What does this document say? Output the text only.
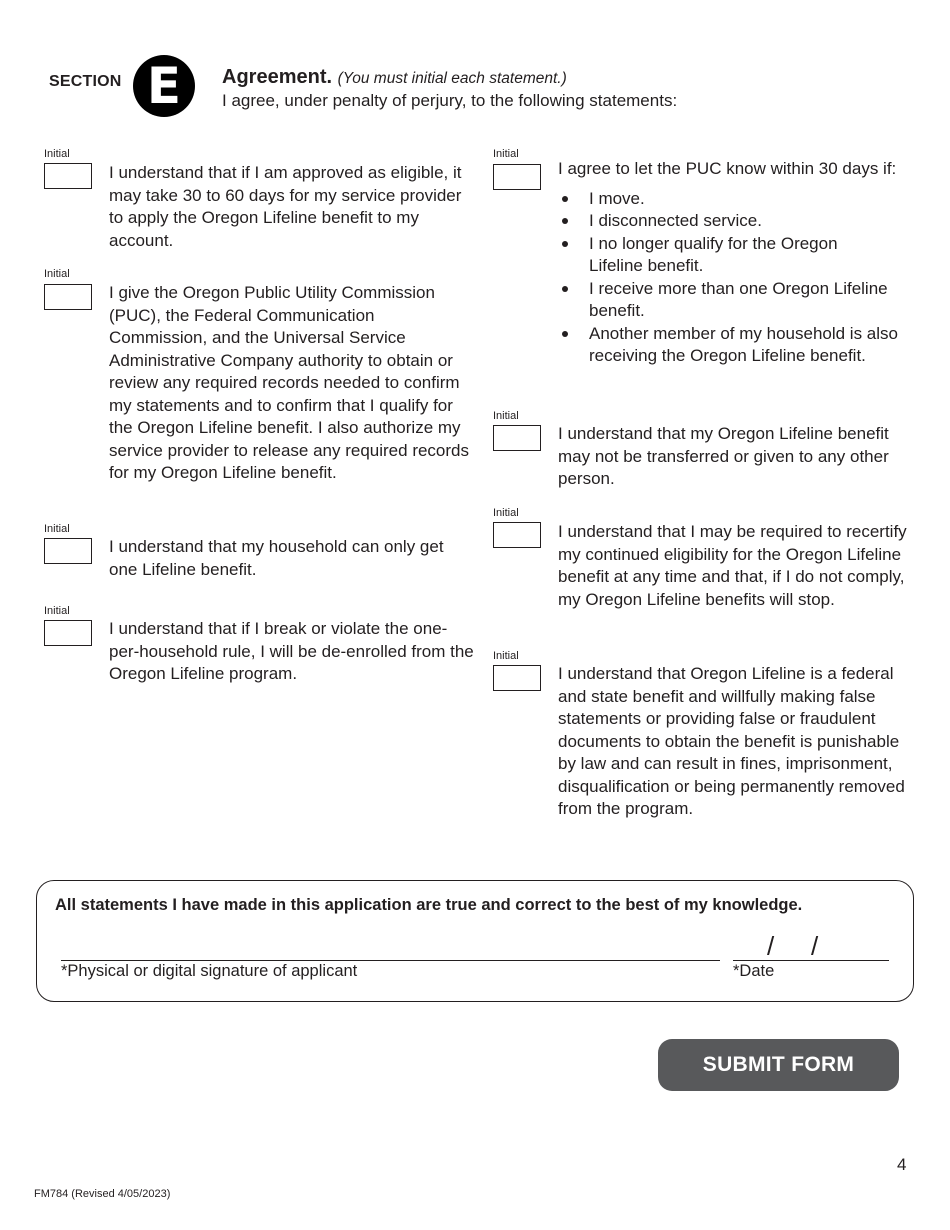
SECTION E	Agreement. (You must initial each statement.)
I agree, under penalty of perjury, to the following statements:
Initial
I understand that if I am approved as eligible, it may take 30 to 60 days for my service provider to apply the Oregon Lifeline benefit to my account.
Initial
I give the Oregon Public Utility Commission (PUC), the Federal Communication Commission, and the Universal Service Administrative Company authority to obtain or review any required records needed to confirm my statements and to confirm that I qualify for the Oregon Lifeline benefit. I also authorize my service provider to release any required records for my Oregon Lifeline benefit.
Initial
I understand that my household can only get one Lifeline benefit.
Initial
I understand that if I break or violate the one-per-household rule, I will be de-enrolled from the Oregon Lifeline program.
Initial
I agree to let the PUC know within 30 days if:
I move.
I disconnected service.
I no longer qualify for the Oregon Lifeline benefit.
I receive more than one Oregon Lifeline benefit.
Another member of my household is also receiving the Oregon Lifeline benefit.
Initial
I understand that my Oregon Lifeline benefit may not be transferred or given to any other person.
Initial
I understand that I may be required to recertify my continued eligibility for the Oregon Lifeline benefit at any time and that, if I do not comply, my Oregon Lifeline benefits will stop.
Initial
I understand that Oregon Lifeline is a federal and state benefit and willfully making false statements or providing false or fraudulent documents to obtain the benefit is punishable by law and can result in fines, imprisonment, disqualification or being permanently removed from the program.
All statements I have made in this application are true and correct to the best of my knowledge.
*Physical or digital signature of applicant
/ /
*Date
SUBMIT FORM
4
FM784 (Revised 4/05/2023)
